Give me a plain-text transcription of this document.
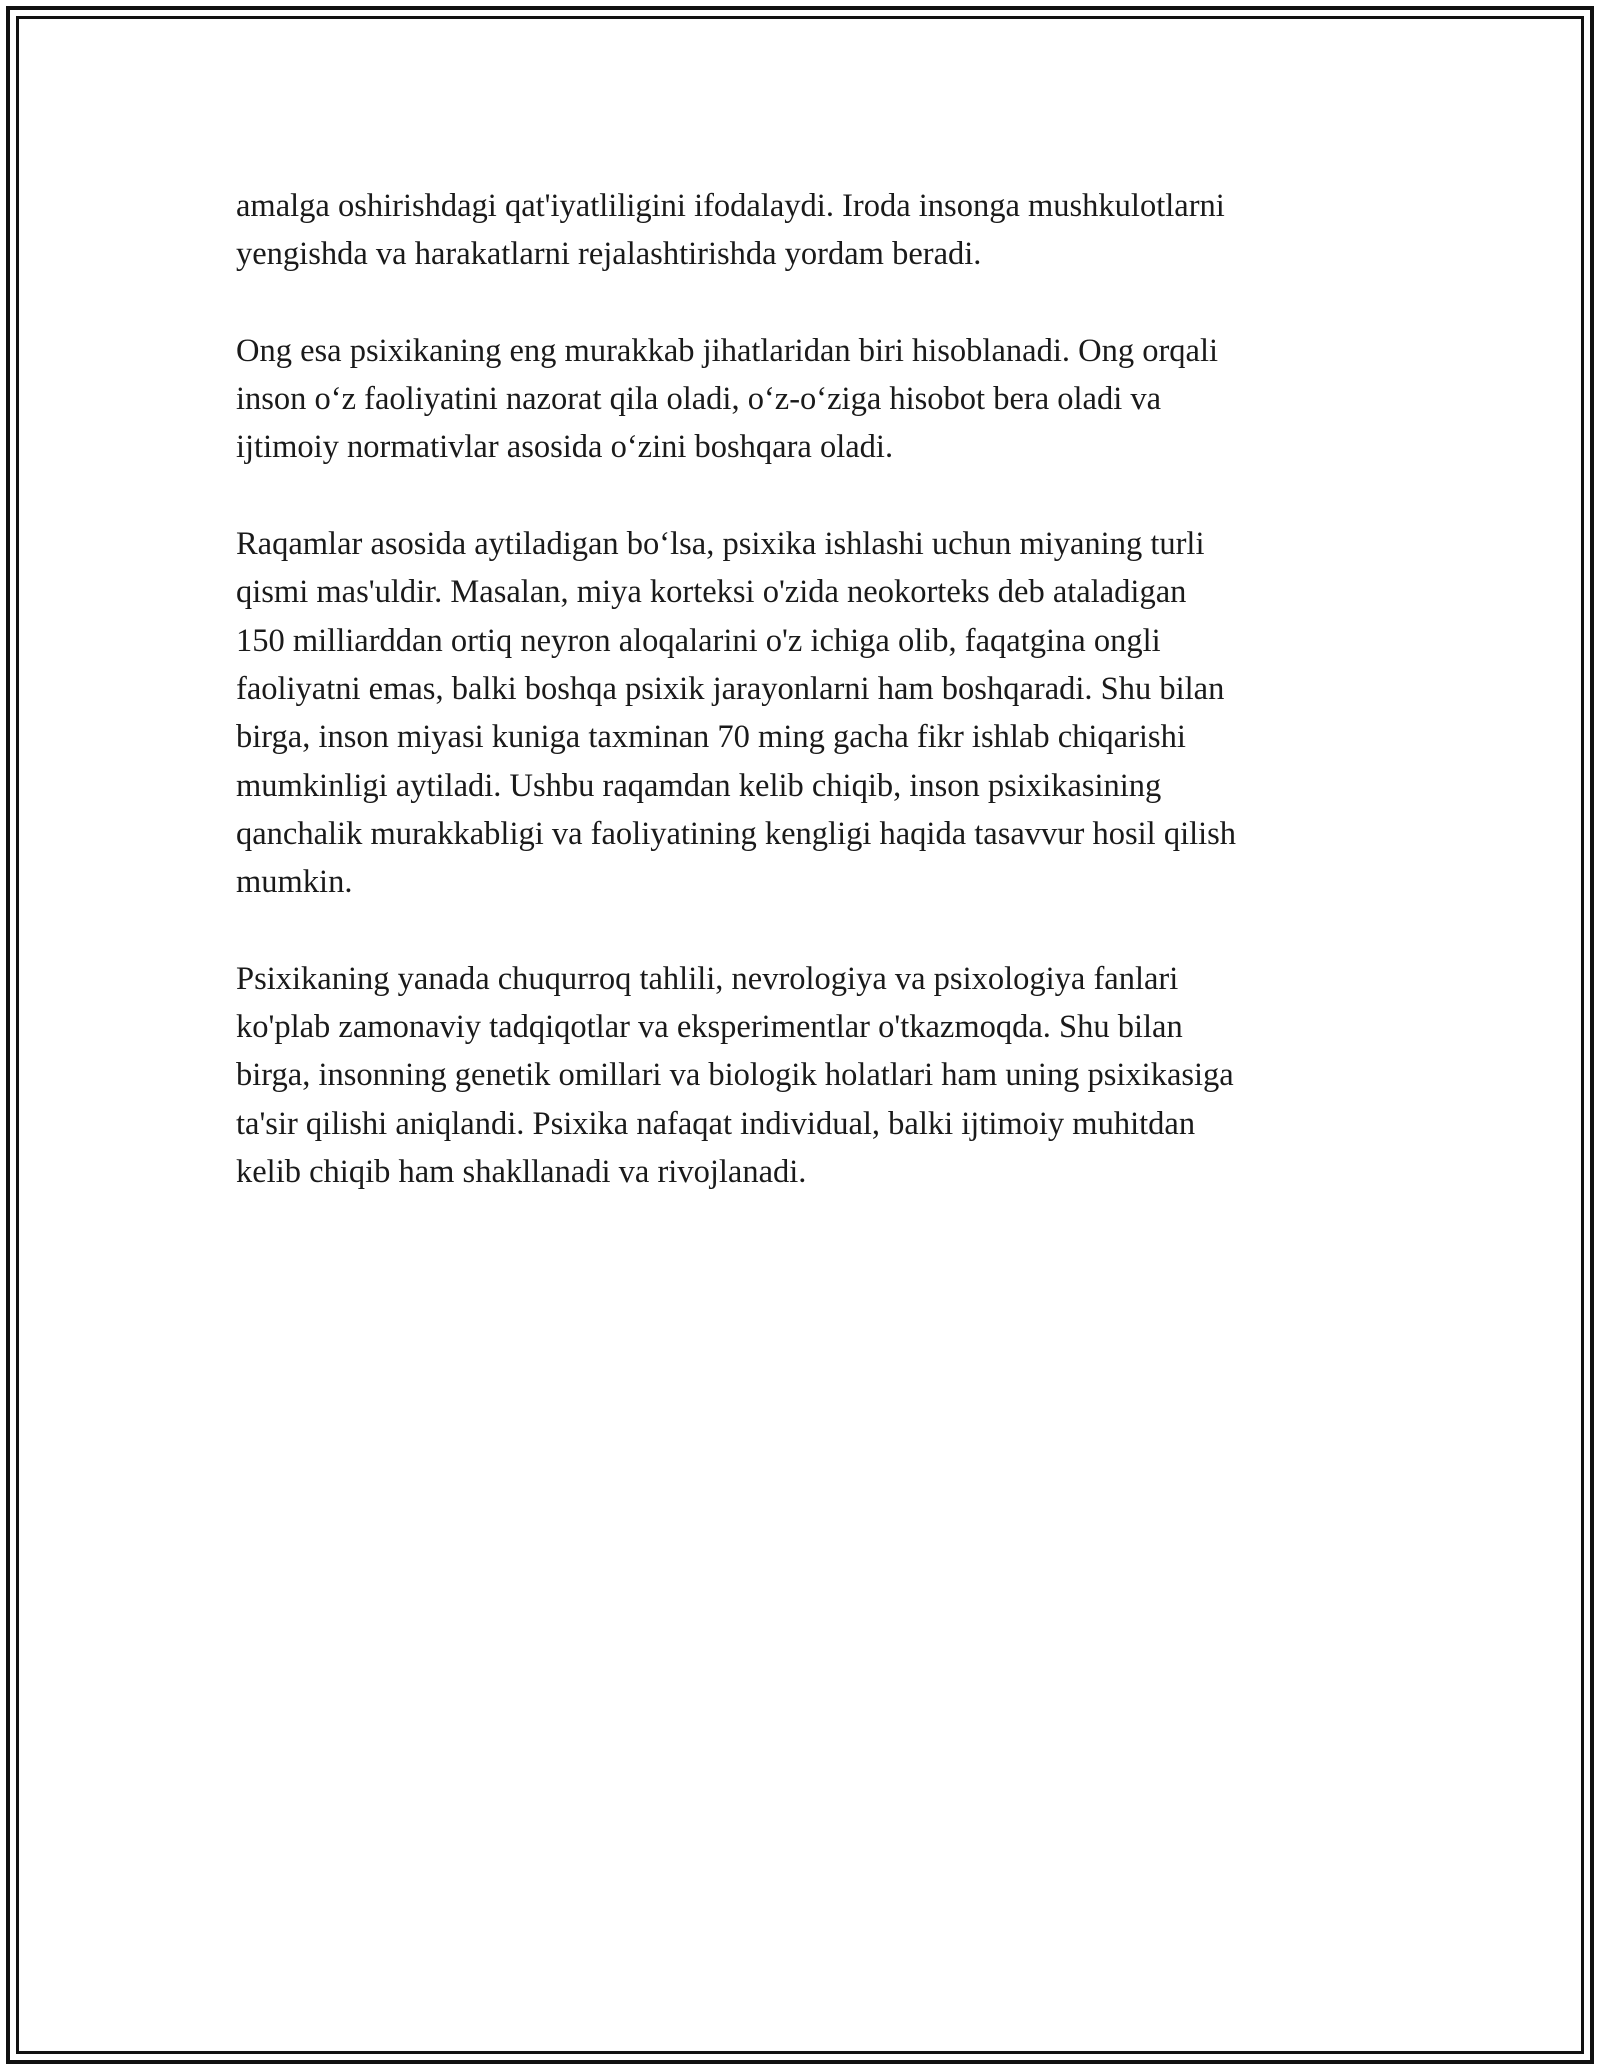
amalga oshirishdagi qat'iyatliligini ifodalaydi. Iroda insonga mushkulotlarni
yengishda va harakatlarni rejalashtirishda yordam beradi.

Ong esa psixikaning eng murakkab jihatlaridan biri hisoblanadi. Ong orqali
inson o‘z faoliyatini nazorat qila oladi, o‘z-o‘ziga hisobot bera oladi va
ijtimoiy normativlar asosida o‘zini boshqara oladi.

Raqamlar asosida aytiladigan bo‘lsa, psixika ishlashi uchun miyaning turli
qismi mas'uldir. Masalan, miya korteksi o'zida neokorteks deb ataladigan
150 milliarddan ortiq neyron aloqalarini o'z ichiga olib, faqatgina ongli
faoliyatni emas, balki boshqa psixik jarayonlarni ham boshqaradi. Shu bilan
birga, inson miyasi kuniga taxminan 70 ming gacha fikr ishlab chiqarishi
mumkinligi aytiladi. Ushbu raqamdan kelib chiqib, inson psixikasining
qanchalik murakkabligi va faoliyatining kengligi haqida tasavvur hosil qilish
mumkin.

Psixikaning yanada chuqurroq tahlili, nevrologiya va psixologiya fanlari
ko'plab zamonaviy tadqiqotlar va eksperimentlar o'tkazmoqda. Shu bilan
birga, insonning genetik omillari va biologik holatlari ham uning psixikasiga
ta'sir qilishi aniqlandi. Psixika nafaqat individual, balki ijtimoiy muhitdan
kelib chiqib ham shakllanadi va rivojlanadi.
